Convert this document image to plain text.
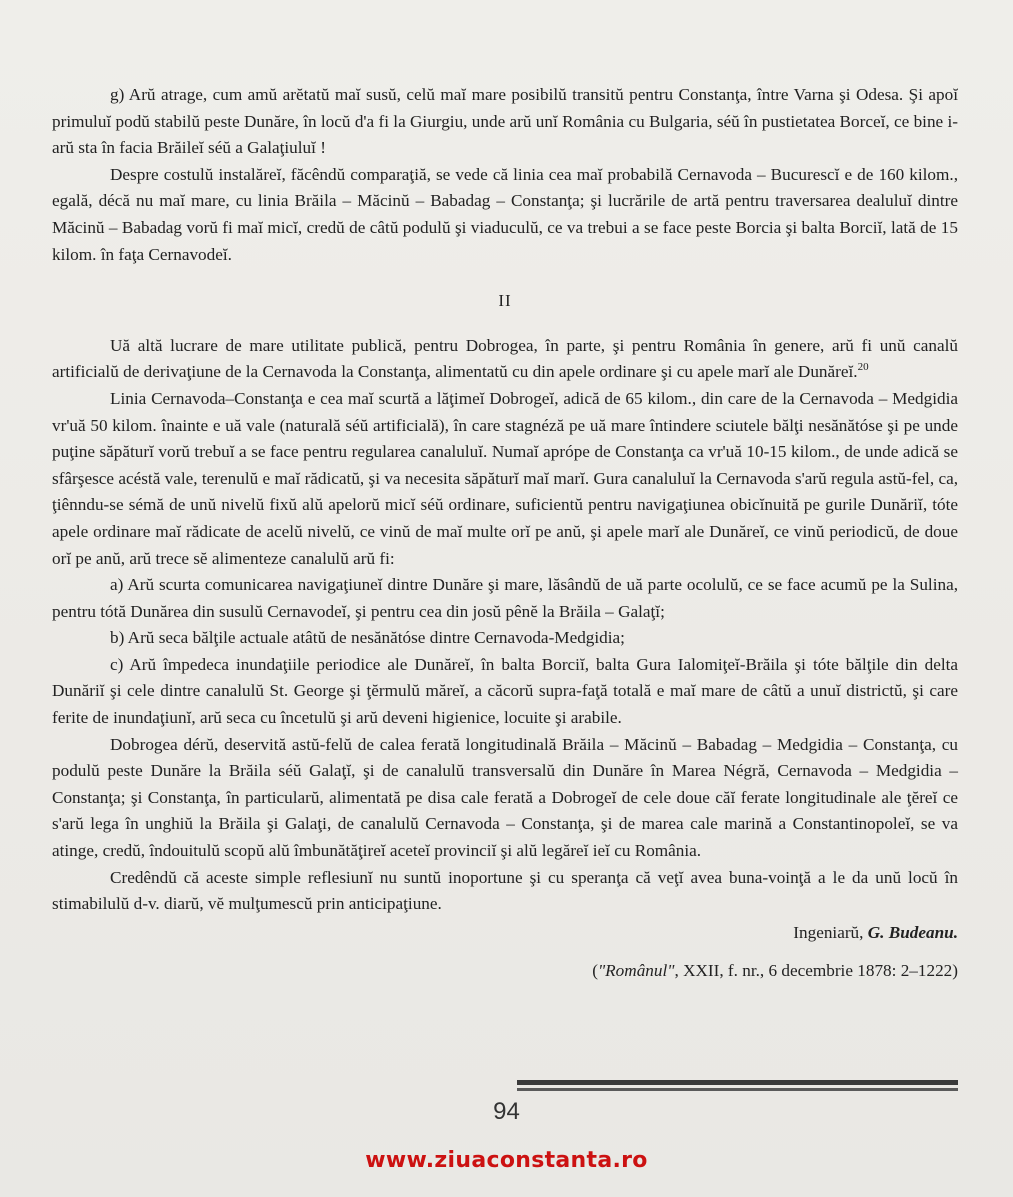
g) Arŭ atrage, cum amŭ arĕtatŭ maĭ susŭ, celŭ maĭ mare posibilŭ transitŭ pentru Constanţa, între Varna şi Odesa. Şi apoĭ primuluĭ podŭ stabilŭ peste Dunăre, în locŭ d'a fi la Giurgiu, unde arŭ unĭ România cu Bulgaria, séŭ în pustietatea Borceĭ, ce bine i-arŭ sta în facia Brăileĭ séŭ a Galaţiuluĭ !

Despre costulŭ instalăreĭ, făcêndŭ comparaţiă, se vede că linia cea maĭ probabilă Cernavoda – Bucurescĭ e de 160 kilom., egală, décă nu maĭ mare, cu linia Brăila – Măcinŭ – Babadag – Constanţa; şi lucrările de artă pentru traversarea dealuluĭ dintre Măcinŭ – Babadag vorŭ fi maĭ micĭ, credŭ de câtŭ podulŭ şi viaduculŭ, ce va trebui a se face peste Borcia şi balta Borciĭ, lată de 15 kilom. în faţa Cernavodeĭ.

II

Uă altă lucrare de mare utilitate publică, pentru Dobrogea, în parte, şi pentru România în genere, arŭ fi unŭ canalŭ artificialŭ de derivaţiune de la Cernavoda la Constanţa, alimentatŭ cu din apele ordinare şi cu apele marĭ ale Dunăreĭ.$^{20}$

Linia Cernavoda–Constanţa e cea maĭ scurtă a lăţimeĭ Dobrogeĭ, adică de 65 kilom., din care de la Cernavoda – Medgidia vr'uă 50 kilom. înainte e uă vale (naturală séŭ artificială), în care stagnéză pe uă mare întindere sciutele bălţi nesănătóse şi pe unde puţine săpăturĭ vorŭ trebuĭ a se face pentru regularea canaluluĭ. Numaĭ aprópe de Constanţa ca vr'uă 10-15 kilom., de unde adică se sfârşesce acéstă vale, terenulŭ e maĭ rădicatŭ, şi va necesita săpăturĭ maĭ marĭ. Gura canaluluĭ la Cernavoda s'arŭ regula astŭ-fel, ca, ţiênndu-se sémă de unŭ nivelŭ fixŭ alŭ apelorŭ micĭ séŭ ordinare, suficientŭ pentru navigaţiunea obicĭnuită pe gurile Dunăriĭ, tóte apele ordinare maĭ rădicate de acelŭ nivelŭ, ce vinŭ de maĭ multe orĭ pe anŭ, şi apele marĭ ale Dunăreĭ, ce vinŭ periodicŭ, de doue orĭ pe anŭ, arŭ trece sĕ alimenteze canalulŭ arŭ fi:

a) Arŭ scurta comunicarea navigaţiuneĭ dintre Dunăre şi mare, lăsândŭ de uă parte ocolulŭ, ce se face acumŭ pe la Sulina, pentru tótă Dunărea din susulŭ Cernavodeĭ, şi pentru cea din josŭ pênĕ la Brăila – Galaţĭ;

b) Arŭ seca bălţile actuale atâtŭ de nesănătóse dintre Cernavoda-Medgidia;

c) Arŭ împedeca inundaţiile periodice ale Dunăreĭ, în balta Borciĭ, balta Gura Ialomiţeĭ-Brăila şi tóte bălţile din delta Dunăriĭ şi cele dintre canalulŭ St. George şi ţĕrmulŭ măreĭ, a căcorŭ supra-faţă totală e maĭ mare de câtŭ a unuĭ districtŭ, şi care ferite de inundaţiunĭ, arŭ seca cu încetulŭ şi arŭ deveni higienice, locuite şi arabile.

Dobrogea dérŭ, deservită astŭ-felŭ de calea ferată longitudinală Brăila – Măcinŭ – Babadag – Medgidia – Constanţa, cu podulŭ peste Dunăre la Brăila séŭ Galaţĭ, şi de canalulŭ transversalŭ din Dunăre în Marea Négră, Cernavoda – Medgidia – Constanţa; şi Constanţa, în particularŭ, alimentată pe disa cale ferată a Dobrogeĭ de cele doue căĭ ferate longitudinale ale ţĕreĭ ce s'arŭ lega în unghiŭ la Brăila şi Galaţi, de canalulŭ Cernavoda – Constanţa, şi de marea cale marină a Constantinopoleĭ, se va atinge, credŭ, îndouitulŭ scopŭ alŭ îmbunătăţireĭ aceteĭ provinciĭ şi alŭ legăreĭ ieĭ cu România.

Credêndŭ că aceste simple reflesiunĭ nu suntŭ inoportune şi cu speranţa că veţĭ avea buna-voinţă a le da unŭ locŭ în stimabilulŭ d-v. diarŭ, vĕ mulţumescŭ prin anticipaţiune.

Ingeniarŭ, G. Budeanu.

("Românul", XXII, f. nr., 6 decembrie 1878: 2–1222)

94
www.ziuaconstanta.ro
